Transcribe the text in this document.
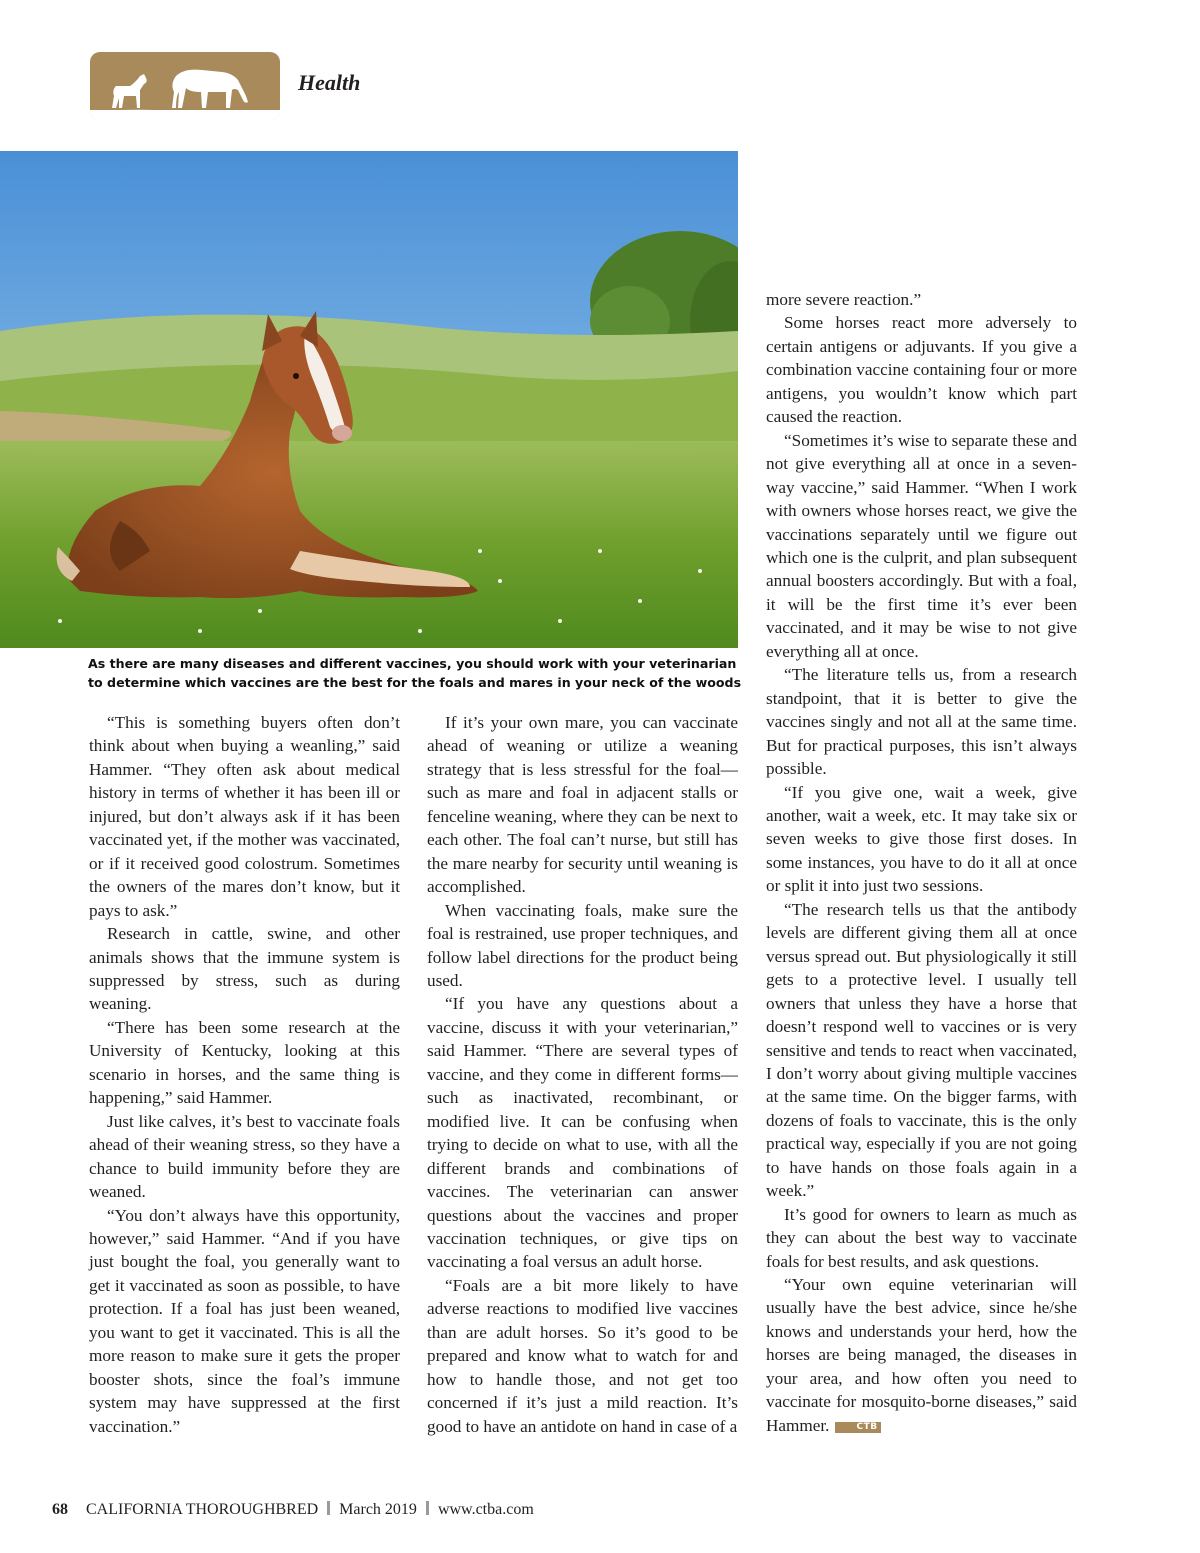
Health
As there are many diseases and different vaccines, you should work with your veterinarian
to determine which vaccines are the best for the foals and mares in your neck of the woods

“This is something buyers often don’t think about when buying a weanling,” said Hammer. “They often ask about medical history in terms of whether it has been ill or injured, but don’t always ask if it has been vaccinated yet, if the mother was vaccinated, or if it received good colostrum. Sometimes the owners of the mares don’t know, but it pays to ask.”

Research in cattle, swine, and other animals shows that the immune system is suppressed by stress, such as during weaning.

“There has been some research at the University of Kentucky, looking at this scenario in horses, and the same thing is happening,” said Hammer.

Just like calves, it’s best to vaccinate foals ahead of their weaning stress, so they have a chance to build immunity before they are weaned.

“You don’t always have this opportunity, however,” said Hammer. “And if you have just bought the foal, you generally want to get it vaccinated as soon as possible, to have protection. If a foal has just been weaned, you want to get it vaccinated. This is all the more reason to make sure it gets the proper booster shots, since the foal’s immune system may have suppressed at the first vaccination.”

If it’s your own mare, you can vaccinate ahead of weaning or utilize a weaning strategy that is less stressful for the foal—such as mare and foal in adjacent stalls or fenceline weaning, where they can be next to each other. The foal can’t nurse, but still has the mare nearby for security until weaning is accomplished.

When vaccinating foals, make sure the foal is restrained, use proper techniques, and follow label directions for the product being used.

“If you have any questions about a vaccine, discuss it with your veterinarian,” said Hammer. “There are several types of vaccine, and they come in different forms—such as inactivated, recombinant, or modified live. It can be confusing when trying to decide on what to use, with all the different brands and combinations of vaccines. The veterinarian can answer questions about the vaccines and proper vaccination techniques, or give tips on vaccinating a foal versus an adult horse.

“Foals are a bit more likely to have adverse reactions to modified live vaccines than are adult horses. So it’s good to be prepared and know what to watch for and how to handle those, and not get too concerned if it’s just a mild reaction. It’s good to have an antidote on hand in case of a

more severe reaction.”

Some horses react more adversely to certain antigens or adjuvants. If you give a combination vaccine containing four or more antigens, you wouldn’t know which part caused the reaction.

“Sometimes it’s wise to separate these and not give everything all at once in a seven-way vaccine,” said Hammer. “When I work with owners whose horses react, we give the vaccinations separately until we figure out which one is the culprit, and plan subsequent annual boosters accordingly. But with a foal, it will be the first time it’s ever been vaccinated, and it may be wise to not give everything all at once.

“The literature tells us, from a research standpoint, that it is better to give the vaccines singly and not all at the same time. But for practical purposes, this isn’t always possible.

“If you give one, wait a week, give another, wait a week, etc. It may take six or seven weeks to give those first doses. In some instances, you have to do it all at once or split it into just two sessions.

“The research tells us that the antibody levels are different giving them all at once versus spread out. But physiologically it still gets to a protective level. I usually tell owners that unless they have a horse that doesn’t respond well to vaccines or is very sensitive and tends to react when vaccinated, I don’t worry about giving multiple vaccines at the same time. On the bigger farms, with dozens of foals to vaccinate, this is the only practical way, especially if you are not going to have hands on those foals again in a week.”

It’s good for owners to learn as much as they can about the best way to vaccinate foals for best results, and ask questions.

“Your own equine veterinarian will usually have the best advice, since he/she knows and understands your herd, how the horses are being managed, the diseases in your area, and how often you need to vaccinate for mosquito-borne diseases,” said Hammer.	CTB

68 CALIFORNIA THOROUGHBRED March 2019 www.ctba.com
